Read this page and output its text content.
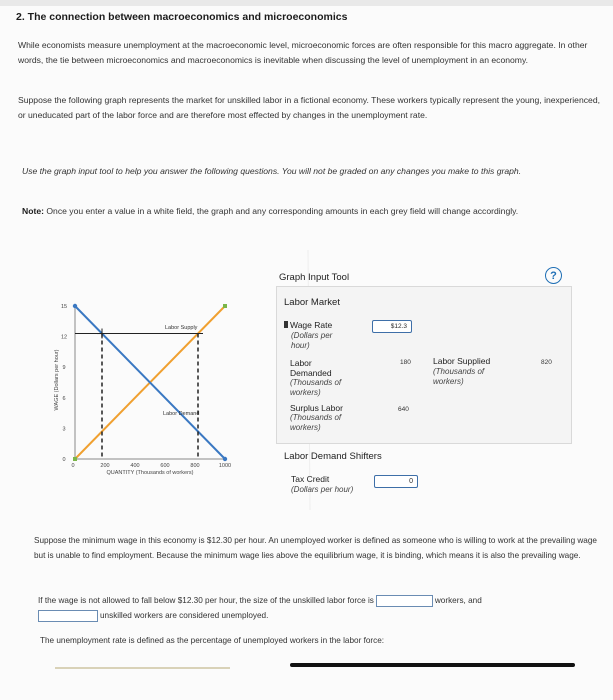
2. The connection between macroeconomics and microeconomics
While economists measure unemployment at the macroeconomic level, microeconomic forces are often responsible for this macro aggregate. In other words, the tie between microeconomics and macroeconomics is inevitable when discussing the level of unemployment in an economy.
Suppose the following graph represents the market for unskilled labor in a fictional economy. These workers typically represent the young, inexperienced, or uneducated part of the labor force and are therefore most effected by changes in the unemployment rate.
Use the graph input tool to help you answer the following questions. You will not be graded on any changes you make to this graph.
Note: Once you enter a value in a white field, the graph and any corresponding amounts in each grey field will change accordingly.
WAGE (Dollars per hour)
QUANTITY (Thousands of workers)
15
12
9
6
3
0
0	200	400	600	800	1000
Labor Supply
Labor Demand
Graph Input Tool	?
Labor Market
Wage Rate
(Dollars per hour)
$12.3
Labor Demanded
(Thousands of workers)
180	Labor Supplied
(Thousands of workers)
820
Surplus Labor
(Thousands of workers)
640
Labor Demand Shifters
Tax Credit
(Dollars per hour)
0
Suppose the minimum wage in this economy is $12.30 per hour. An unemployed worker is defined as someone who is willing to work at the prevailing wage but is unable to find employment. Because the minimum wage lies above the equilibrium wage, it is binding, which means it is also the prevailing wage.
If the wage is not allowed to fall below $12.30 per hour, the size of the unskilled labor force is	workers, and
unskilled workers are considered unemployed.
The unemployment rate is defined as the percentage of unemployed workers in the labor force:
